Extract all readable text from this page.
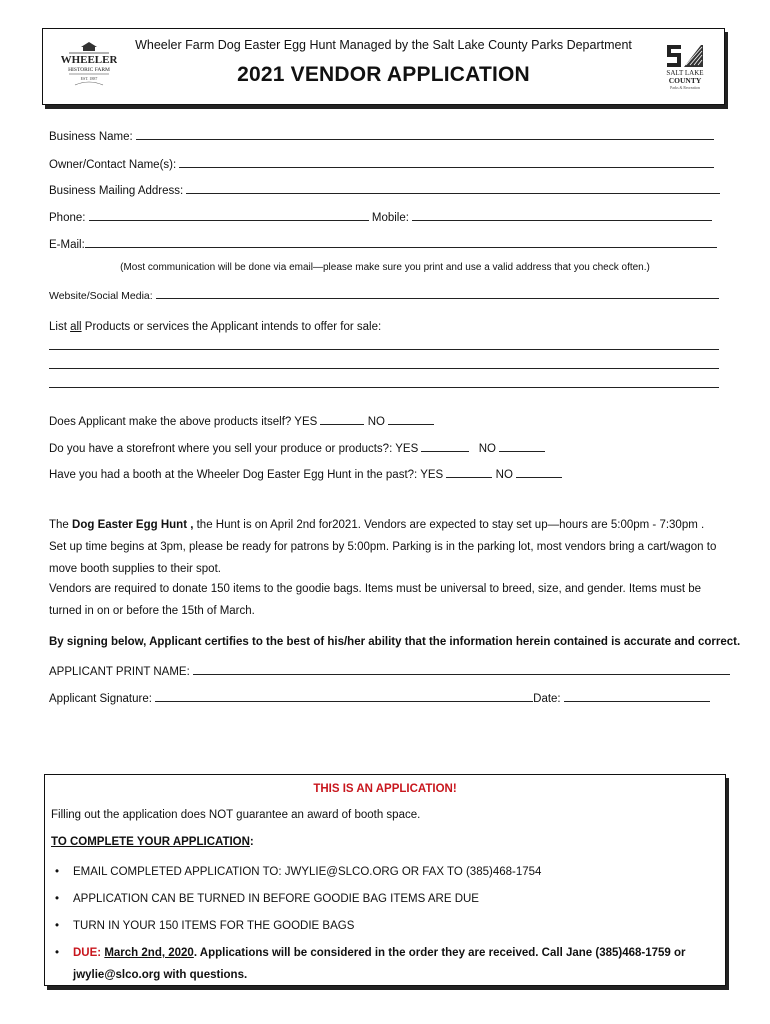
WHEELER
HISTORIC FARM
EST. 1887
Wheeler Farm Dog Easter Egg Hunt Managed by the Salt Lake County Parks Department
2021 VENDOR APPLICATION	SALT LAKE
COUNTY
Parks & Recreation
Business Name:
Owner/Contact Name(s):
Business Mailing Address:
Phone:	Mobile:
E-Mail:
(Most communication will be done via email—please make sure you print and use a valid address that you check often.)
Website/Social Media:
List all Products or services the Applicant intends to offer for sale:
Does Applicant make the above products itself? YES	NO
Do you have a storefront where you sell your produce or products?: YES	NO
Have you had a booth at the Wheeler Dog Easter Egg Hunt in the past?: YES	NO
The Dog Easter Egg Hunt , the Hunt is on April 2nd for2021. Vendors are expected to stay set up—hours are 5:00pm - 7:30pm . Set up time begins at 3pm, please be ready for patrons by 5:00pm. Parking is in the parking lot, most vendors bring a cart/wagon to move booth supplies to their spot.
Vendors are required to donate 150 items to the goodie bags. Items must be universal to breed, size, and gender. Items must be turned in on or before the 15th of March.
By signing below, Applicant certifies to the best of his/her ability that the information herein contained is accurate and correct.
APPLICANT PRINT NAME:
Applicant Signature:	Date:
THIS IS AN APPLICATION!
Filling out the application does NOT guarantee an award of booth space.
TO COMPLETE YOUR APPLICATION:
• EMAIL COMPLETED APPLICATION TO: JWYLIE@SLCO.ORG OR FAX TO (385)468-1754
• APPLICATION CAN BE TURNED IN BEFORE GOODIE BAG ITEMS ARE DUE
• TURN IN YOUR 150 ITEMS FOR THE GOODIE BAGS
• DUE: March 2nd, 2020. Applications will be considered in the order they are received. Call Jane (385)468-1759 or jwylie@slco.org with questions.
